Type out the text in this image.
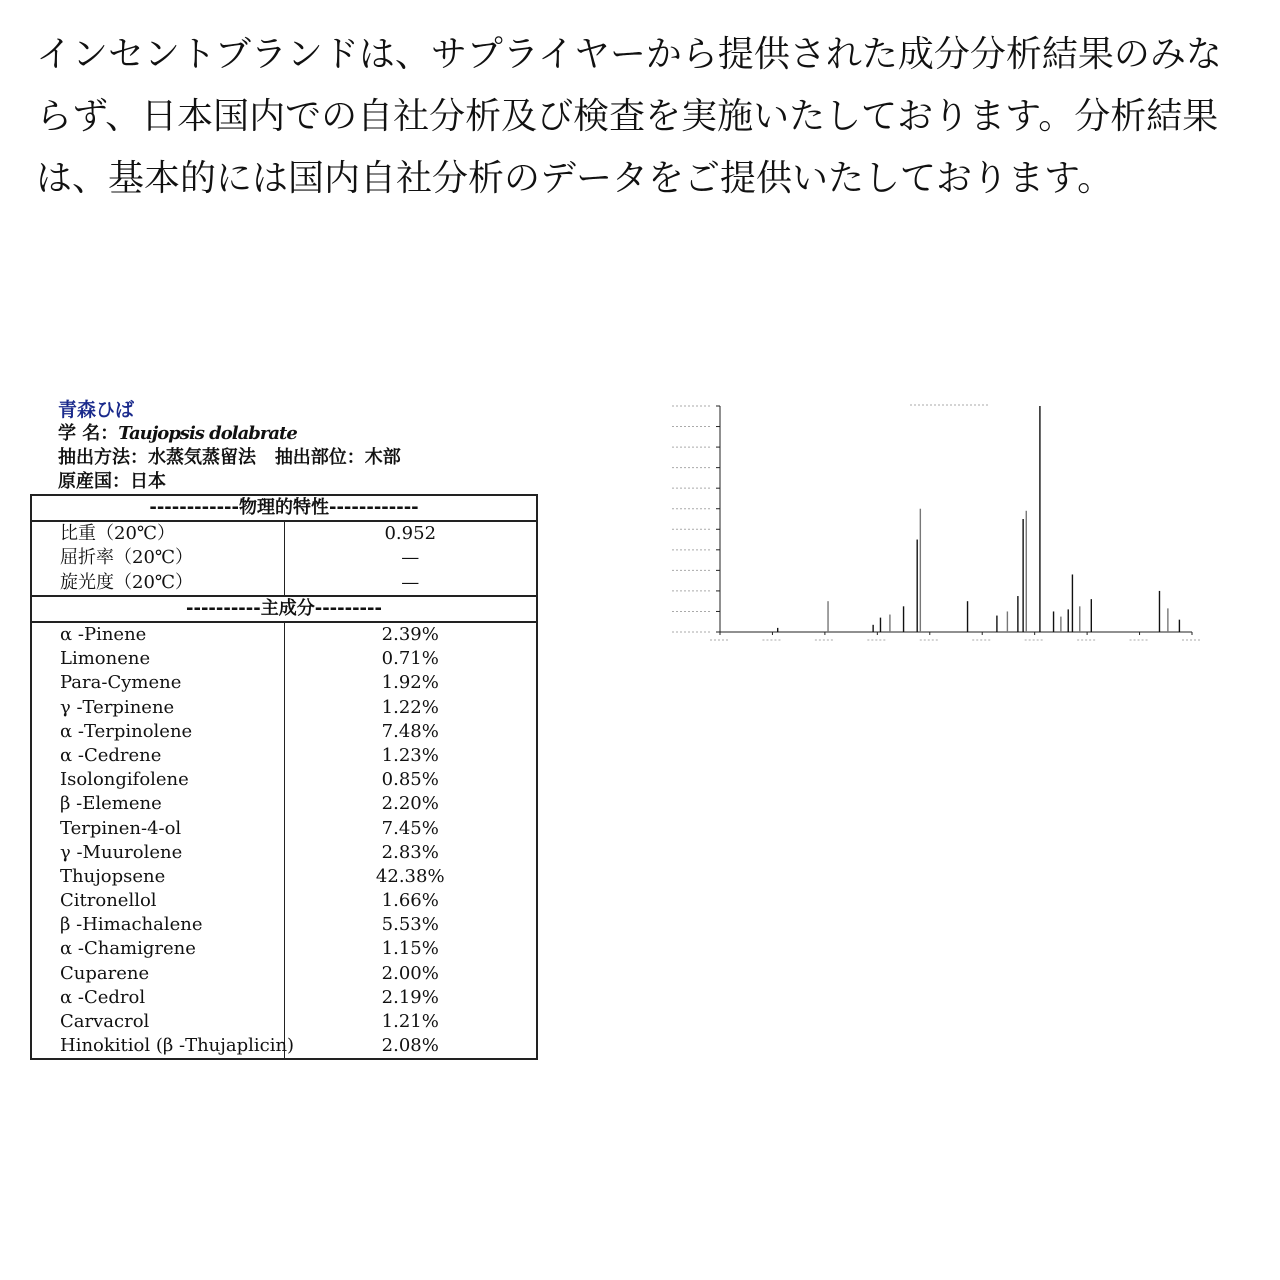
インセントブランドは、サプライヤーから提供された成分分析結果のみならず、日本国内での自社分析及び検査を実施いたしております。分析結果は、基本的には国内自社分析のデータをご提供いたしております。

青森ひば
学 名：Taujopsis dolabrate
抽出方法：水蒸気蒸留法 抽出部位：木部
原産国：日本
------------物理的特性------------	
比重（20℃）	0.952
屈折率（20℃）	—
旋光度（20℃）	—
----------主成分---------	
α -Pinene	2.39%
Limonene	0.71%
Para-Cymene	1.92%
γ -Terpinene	1.22%
α -Terpinolene	7.48%
α -Cedrene	1.23%
Isolongifolene	0.85%
β -Elemene	2.20%
Terpinen-4-ol	7.45%
γ -Muurolene	2.83%
Thujopsene	42.38%
Citronellol	1.66%
β -Himachalene	5.53%
α -Chamigrene	1.15%
Cuparene	2.00%
α -Cedrol	2.19%
Carvacrol	1.21%
Hinokitiol (β -Thujaplicin)	2.08%
